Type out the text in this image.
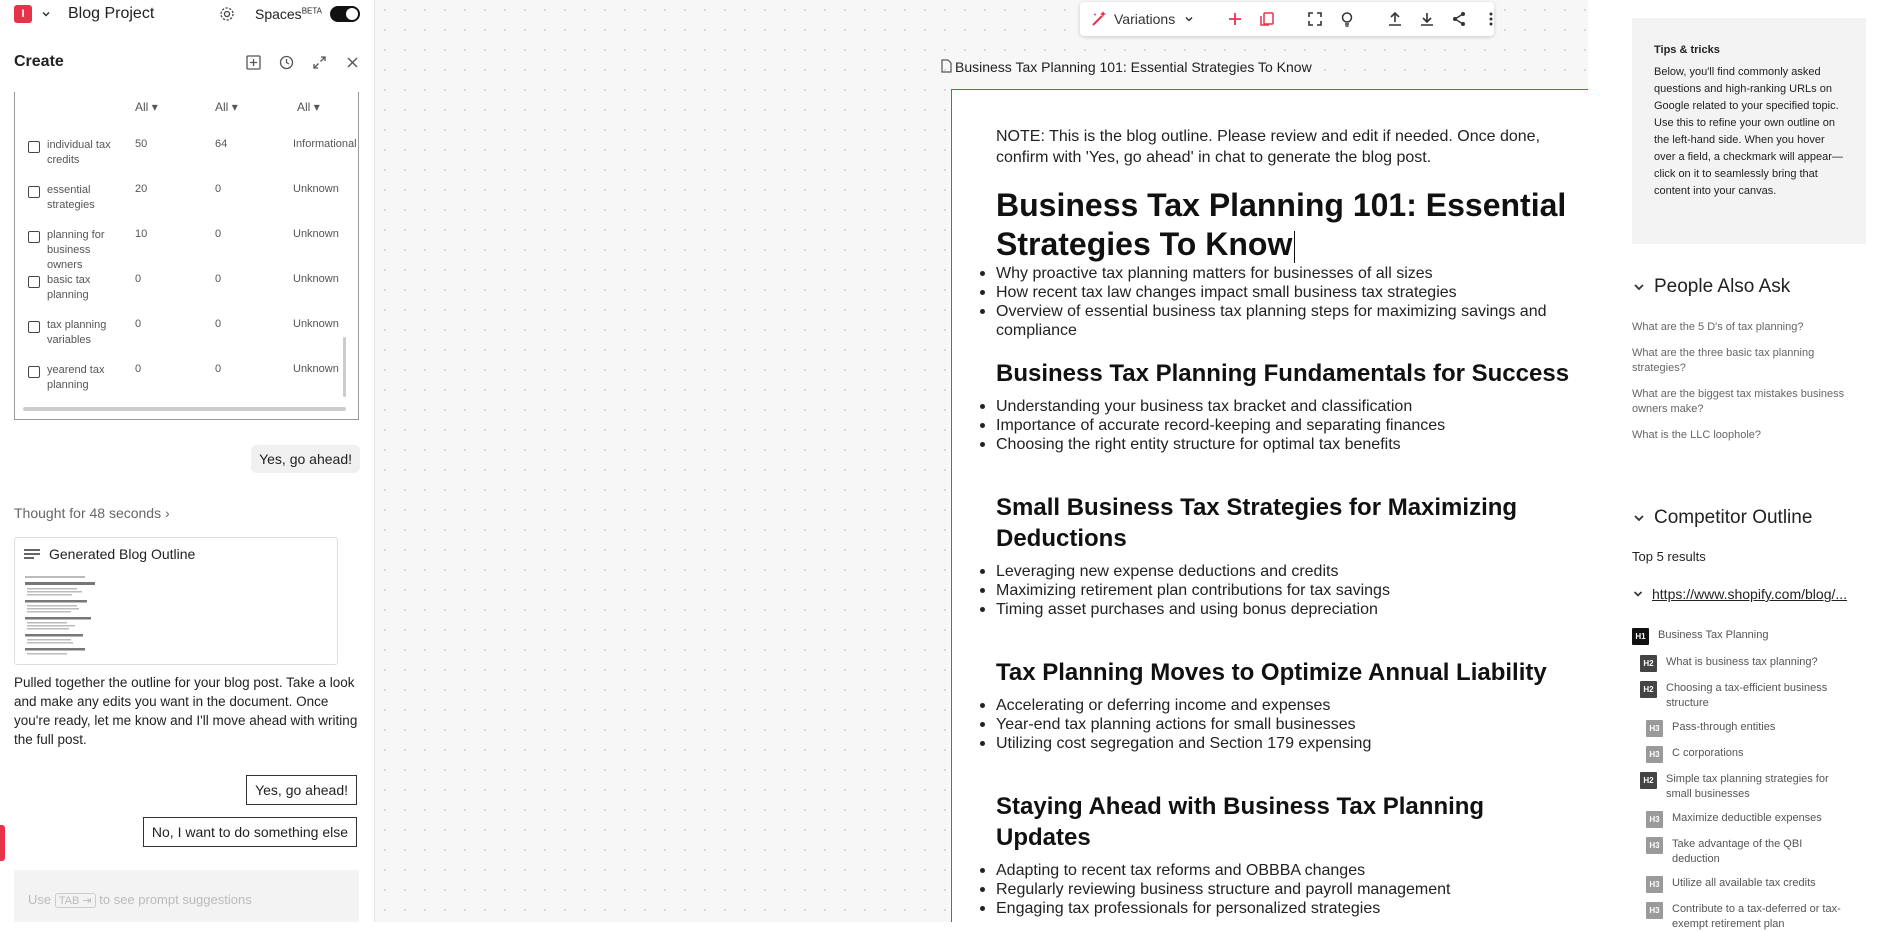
I	Blog Project	Spaces$^{BETA}$
Create
All ▾	All ▾	All ▾
individual tax credits
50	64	Informational
essential strategies
20	0	Unknown
planning for business owners
10	0	Unknown
basic tax planning
0	0	Unknown
tax planning variables
0	0	Unknown
yearend tax planning
0	0	Unknown
Yes, go ahead!
Thought for 48 seconds ›
Generated Blog Outline
Pulled together the outline for your blog post. Take a look and make any edits you want in the document. Once you're ready, let me know and I'll move ahead with writing the full post.
Yes, go ahead!
No, I want to do something else
Use TAB ⇥ to see prompt suggestions
Variations
Business Tax Planning 101: Essential Strategies To Know

NOTE: This is the blog outline. Please review and edit if needed. Once done, confirm with 'Yes, go ahead' in chat to generate the blog post.

Business Tax Planning 101: Essential Strategies To Know
Why proactive tax planning matters for businesses of all sizes
How recent tax law changes impact small business tax strategies
Overview of essential business tax planning steps for maximizing savings and compliance
Business Tax Planning Fundamentals for Success
Understanding your business tax bracket and classification
Importance of accurate record-keeping and separating finances
Choosing the right entity structure for optimal tax benefits
Small Business Tax Strategies for Maximizing Deductions
Leveraging new expense deductions and credits
Maximizing retirement plan contributions for tax savings
Timing asset purchases and using bonus depreciation
Tax Planning Moves to Optimize Annual Liability
Accelerating or deferring income and expenses
Year-end tax planning actions for small businesses
Utilizing cost segregation and Section 179 expensing
Staying Ahead with Business Tax Planning Updates
Adapting to recent tax reforms and OBBBA changes
Regularly reviewing business structure and payroll management
Engaging tax professionals for personalized strategies
Tips & tricks
Below, you'll find commonly asked questions and high-ranking URLs on Google related to your specified topic. Use this to refine your own outline on the left-hand side. When you hover over a field, a checkmark will appear—click on it to seamlessly bring that content into your canvas.
People Also Ask
What are the 5 D's of tax planning?
What are the three basic tax planning strategies?
What are the biggest tax mistakes business owners make?
What is the LLC loophole?
Competitor Outline
Top 5 results
https://www.shopify.com/blog/...
H1	Business Tax Planning
H2	What is business tax planning?
H2	Choosing a tax-efficient business structure
H3	Pass-through entities
H3	C corporations
H2	Simple tax planning strategies for small businesses
H3	Maximize deductible expenses
H3	Take advantage of the QBI deduction
H3	Utilize all available tax credits
H3	Contribute to a tax-deferred or tax-exempt retirement plan
